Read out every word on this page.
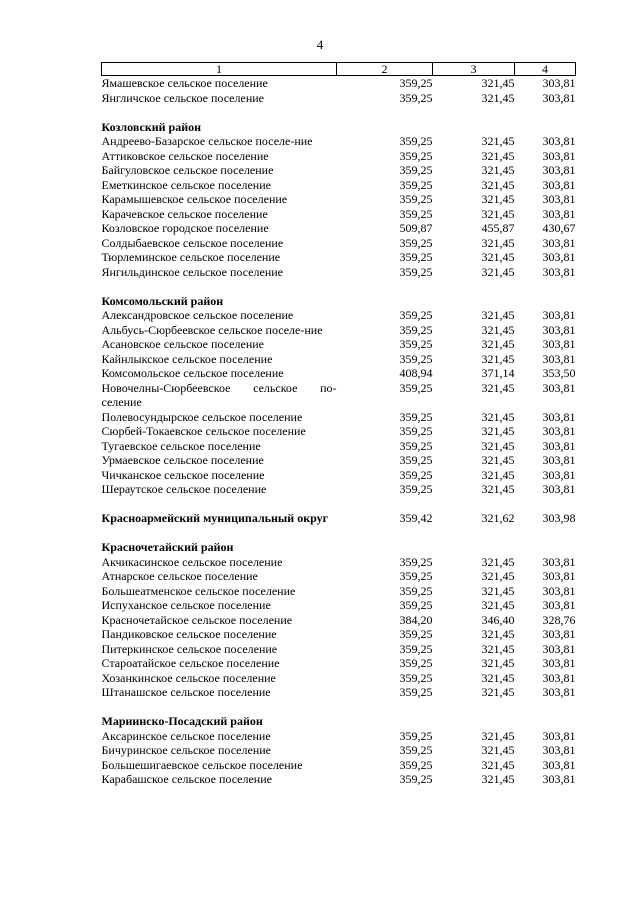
4
1	2	3	4
Ямашевское сельское поселение	359,25	321,45	303,81
Янгличское сельское поселение	359,25	321,45	303,81

Козловский район			
Андреево-Базарское сельское поселе-ние	359,25	321,45	303,81
Аттиковское сельское поселение	359,25	321,45	303,81
Байгуловское сельское поселение	359,25	321,45	303,81
Еметкинское сельское поселение	359,25	321,45	303,81
Карамышевское сельское поселение	359,25	321,45	303,81
Карачевское сельское поселение	359,25	321,45	303,81
Козловское городское поселение	509,87	455,87	430,67
Солдыбаевское сельское поселение	359,25	321,45	303,81
Тюрлеминское сельское поселение	359,25	321,45	303,81
Янгильдинское сельское поселение	359,25	321,45	303,81

Комсомольский район			
Александровское сельское поселение	359,25	321,45	303,81
Альбусь-Сюрбеевское сельское поселе-ние	359,25	321,45	303,81
Асановское сельское поселение	359,25	321,45	303,81
Кайнлыкское сельское поселение	359,25	321,45	303,81
Комсомольское сельское поселение	408,94	371,14	353,50
Новочелны-Сюрбеевское сельское по-селение	359,25	321,45	303,81
Полевосундырское сельское поселение	359,25	321,45	303,81
Сюрбей-Токаевское сельское поселение	359,25	321,45	303,81
Тугаевское сельское поселение	359,25	321,45	303,81
Урмаевское сельское поселение	359,25	321,45	303,81
Чичканское сельское поселение	359,25	321,45	303,81
Шераутское сельское поселение	359,25	321,45	303,81

Красноармейский муниципальный округ	359,42	321,62	303,98

Красночетайский район			
Акчикасинское сельское поселение	359,25	321,45	303,81
Атнарское сельское поселение	359,25	321,45	303,81
Большеатменское сельское поселение	359,25	321,45	303,81
Испуханское сельское поселение	359,25	321,45	303,81
Красночетайское сельское поселение	384,20	346,40	328,76
Пандиковское сельское поселение	359,25	321,45	303,81
Питеркинское сельское поселение	359,25	321,45	303,81
Староатайское сельское поселение	359,25	321,45	303,81
Хозанкинское сельское поселение	359,25	321,45	303,81
Штанашское сельское поселение	359,25	321,45	303,81

Мариинско-Посадский район			
Аксаринское сельское поселение	359,25	321,45	303,81
Бичуринское сельское поселение	359,25	321,45	303,81
Большешигаевское сельское поселение	359,25	321,45	303,81
Карабашское сельское поселение	359,25	321,45	303,81
